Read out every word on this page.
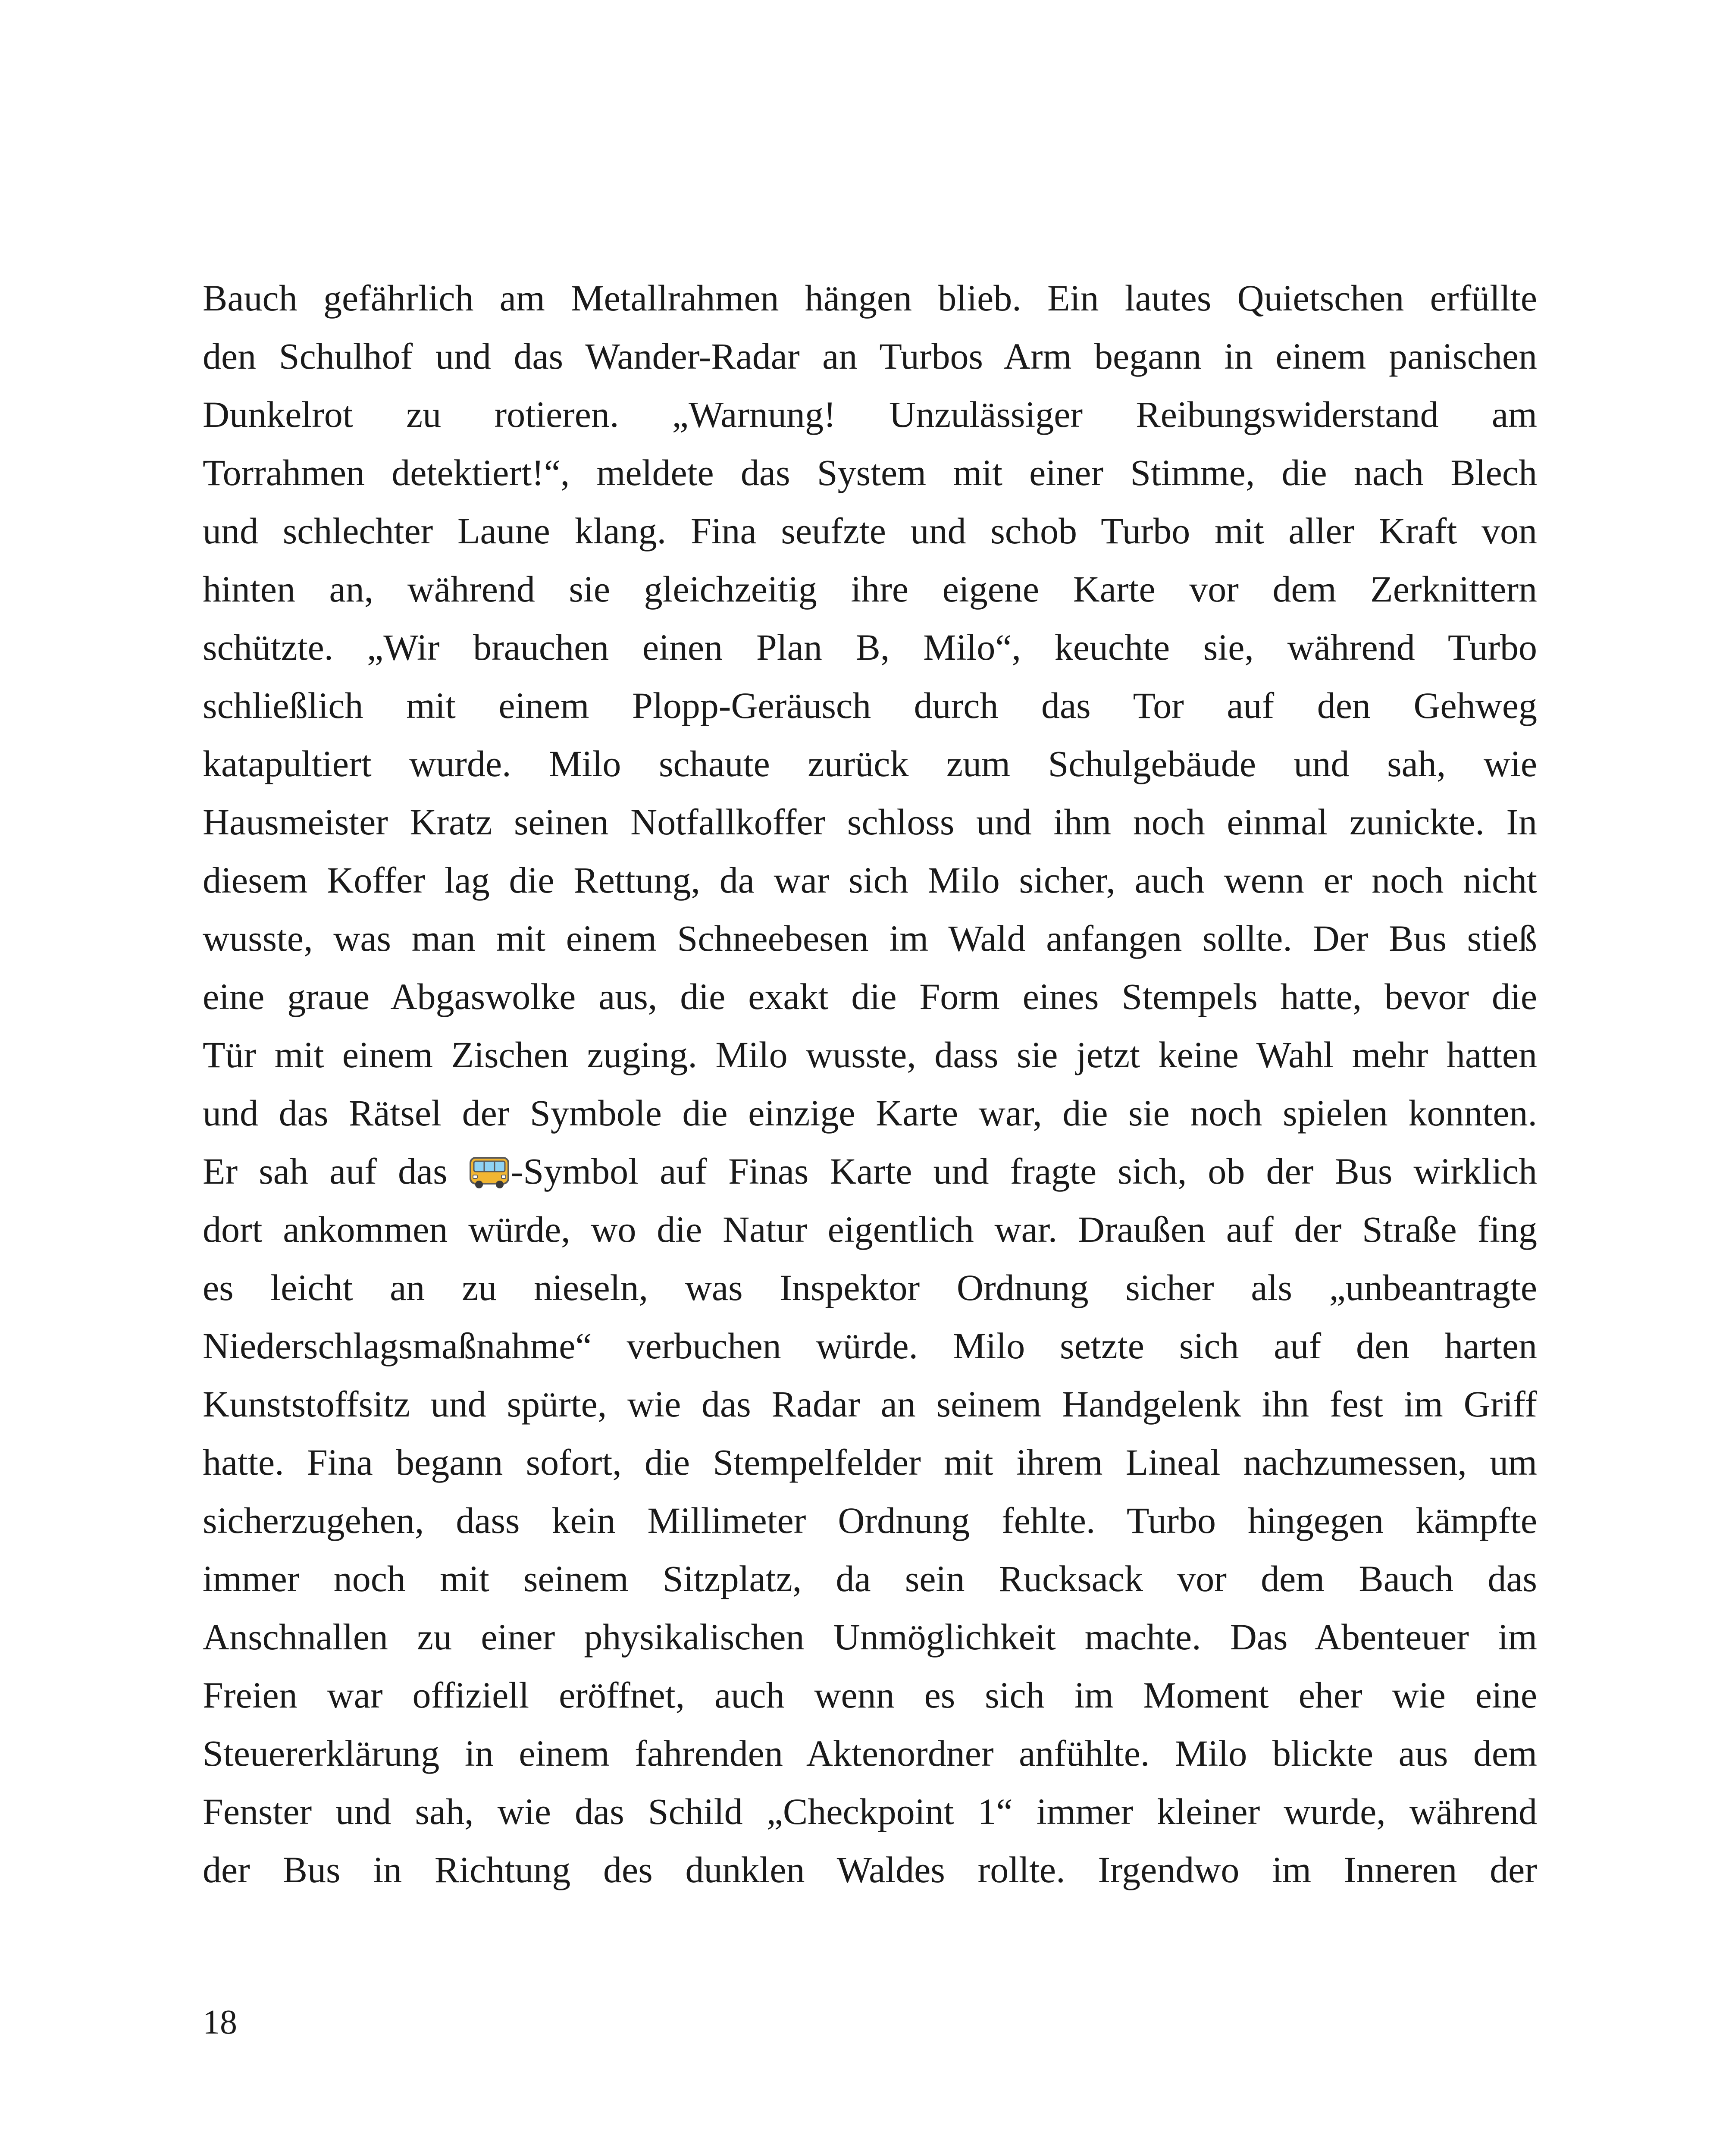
Bauch gefährlich am Metallrahmen hängen blieb. Ein lautes Quietschen erfüllte
den Schulhof und das Wander-Radar an Turbos Arm begann in einem panischen
Dunkelrot zu rotieren. „Warnung! Unzulässiger Reibungswiderstand am
Torrahmen detektiert!“, meldete das System mit einer Stimme, die nach Blech
und schlechter Laune klang. Fina seufzte und schob Turbo mit aller Kraft von
hinten an, während sie gleichzeitig ihre eigene Karte vor dem Zerknittern
schützte. „Wir brauchen einen Plan B, Milo“, keuchte sie, während Turbo
schließlich mit einem Plopp-Geräusch durch das Tor auf den Gehweg
katapultiert wurde. Milo schaute zurück zum Schulgebäude und sah, wie
Hausmeister Kratz seinen Notfallkoffer schloss und ihm noch einmal zunickte. In
diesem Koffer lag die Rettung, da war sich Milo sicher, auch wenn er noch nicht
wusste, was man mit einem Schneebesen im Wald anfangen sollte. Der Bus stieß
eine graue Abgaswolke aus, die exakt die Form eines Stempels hatte, bevor die
Tür mit einem Zischen zuging. Milo wusste, dass sie jetzt keine Wahl mehr hatten
und das Rätsel der Symbole die einzige Karte war, die sie noch spielen konnten.
Er sah auf das -Symbol auf Finas Karte und fragte sich, ob der Bus wirklich
dort ankommen würde, wo die Natur eigentlich war. Draußen auf der Straße fing
es leicht an zu nieseln, was Inspektor Ordnung sicher als „unbeantragte
Niederschlagsmaßnahme“ verbuchen würde. Milo setzte sich auf den harten
Kunststoffsitz und spürte, wie das Radar an seinem Handgelenk ihn fest im Griff
hatte. Fina begann sofort, die Stempelfelder mit ihrem Lineal nachzumessen, um
sicherzugehen, dass kein Millimeter Ordnung fehlte. Turbo hingegen kämpfte
immer noch mit seinem Sitzplatz, da sein Rucksack vor dem Bauch das
Anschnallen zu einer physikalischen Unmöglichkeit machte. Das Abenteuer im
Freien war offiziell eröffnet, auch wenn es sich im Moment eher wie eine
Steuererklärung in einem fahrenden Aktenordner anfühlte. Milo blickte aus dem
Fenster und sah, wie das Schild „Checkpoint 1“ immer kleiner wurde, während
der Bus in Richtung des dunklen Waldes rollte. Irgendwo im Inneren der
18
